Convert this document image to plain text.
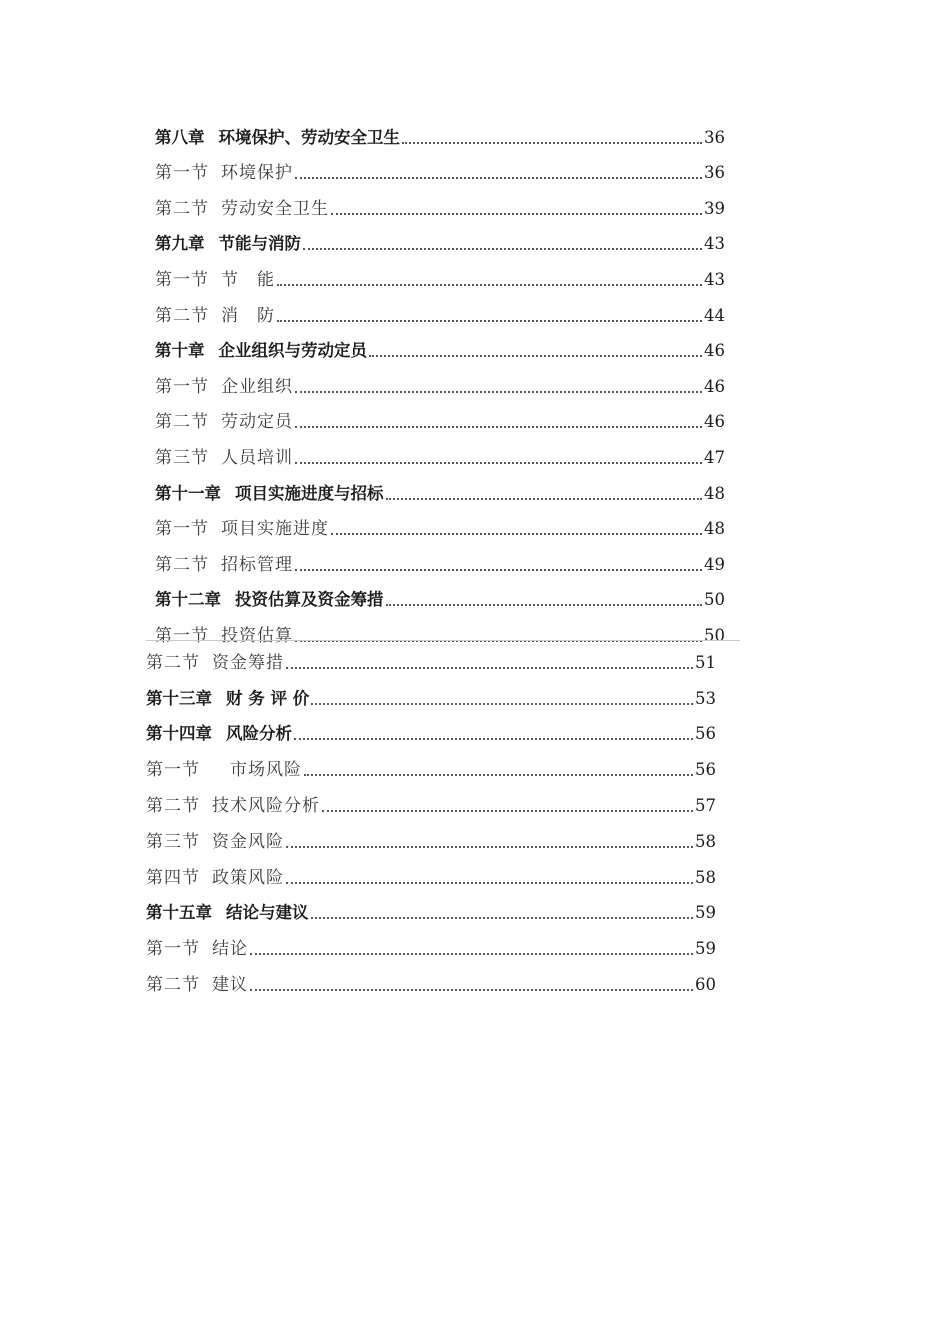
第八章 环境保护、劳动安全卫生	36
第一节 环境保护	36
第二节 劳动安全卫生	39
第九章 节能与消防	43
第一节 节　能	43
第二节 消　防	44
第十章 企业组织与劳动定员	46
第一节 企业组织	46
第二节 劳动定员	46
第三节 人员培训	47
第十一章 项目实施进度与招标	48
第一节 项目实施进度	48
第二节 招标管理	49
第十二章 投资估算及资金筹措	50
第一节 投资估算	50
第二节 资金筹措	51
第十三章 财 务 评 价	53
第十四章 风险分析	56
第一节 　市场风险	56
第二节 技术风险分析	57
第三节 资金风险	58
第四节 政策风险	58
第十五章 结论与建议	59
第一节 结论	59
第二节 建议	60
